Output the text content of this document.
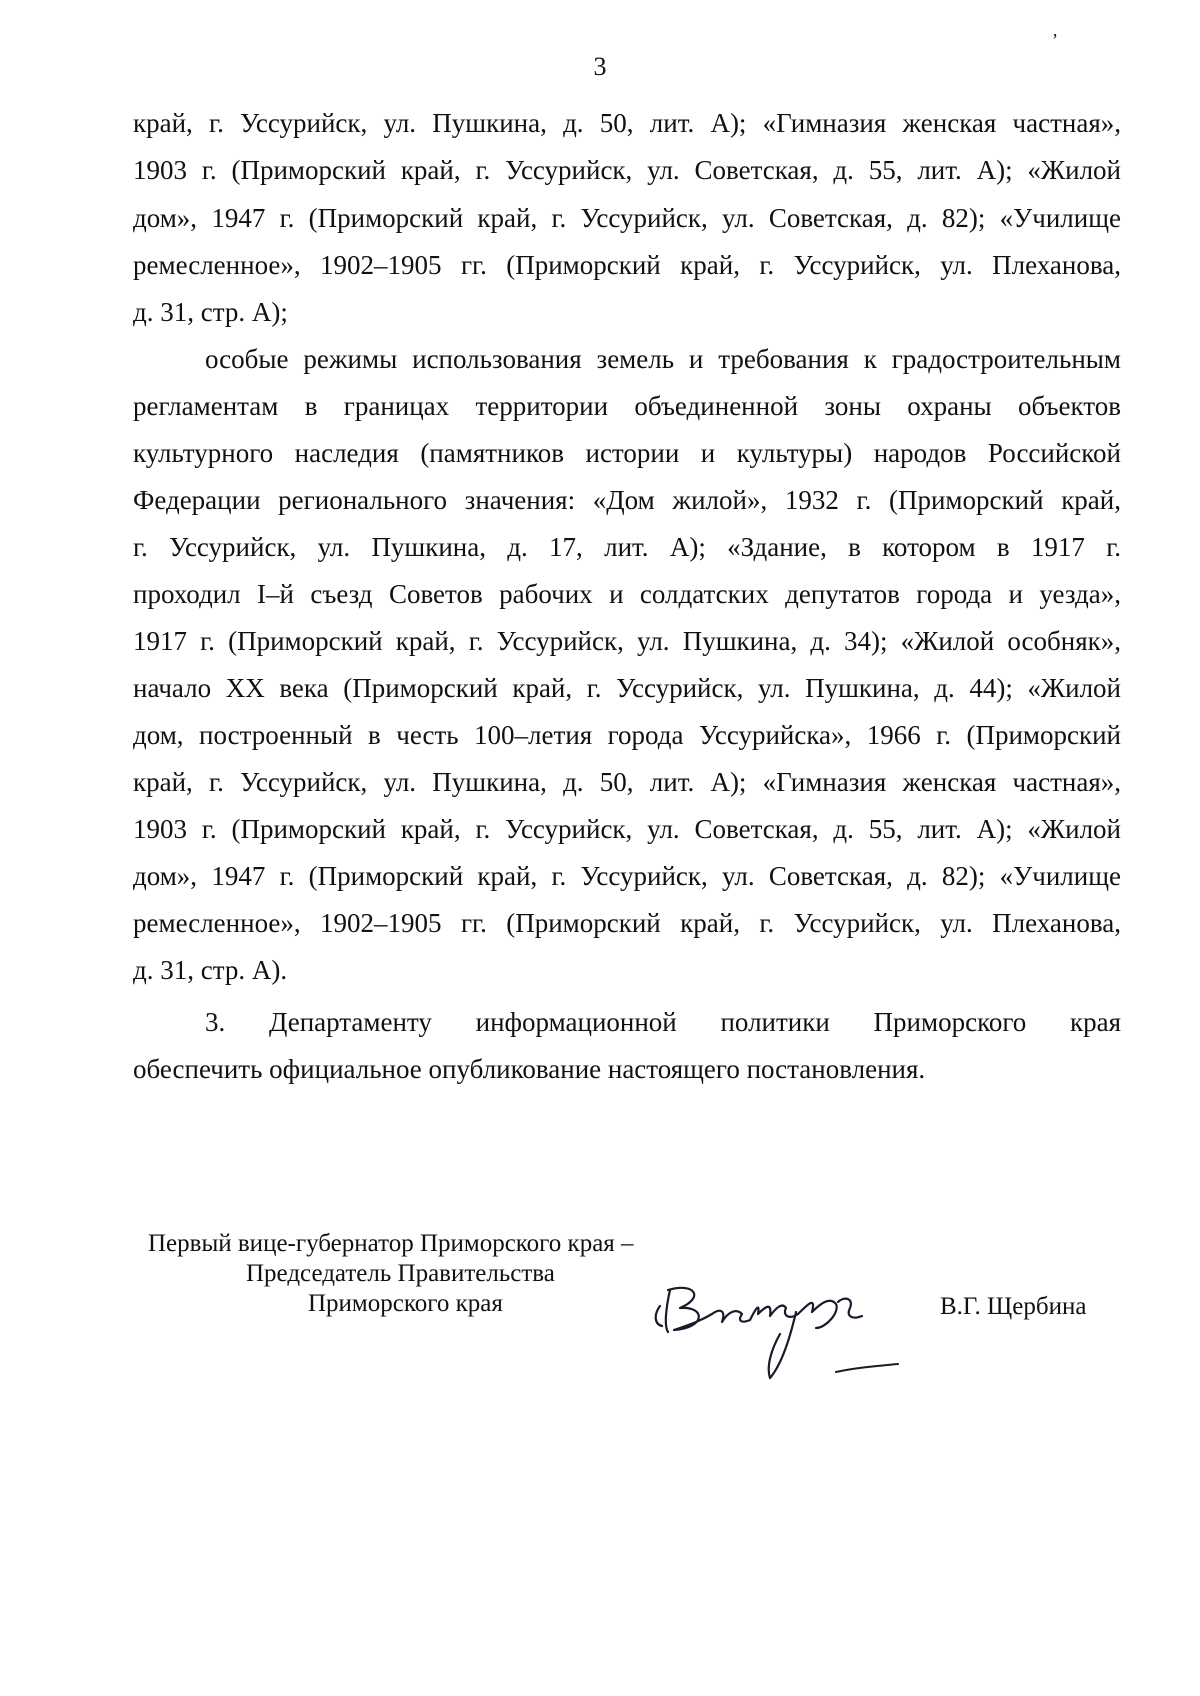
3
’
край, г. Уссурийск, ул. Пушкина, д. 50, лит. А); «Гимназия женская частная»,
1903 г. (Приморский край, г. Уссурийск, ул. Советская, д. 55, лит. А); «Жилой
дом», 1947 г. (Приморский край, г. Уссурийск, ул. Советская, д. 82); «Училище
ремесленное», 1902–1905 гг. (Приморский край, г. Уссурийск, ул. Плеханова,
д. 31, стр. А);
особые режимы использования земель и требования к градостроительным
регламентам в границах территории объединенной зоны охраны объектов
культурного наследия (памятников истории и культуры) народов Российской
Федерации регионального значения: «Дом жилой», 1932 г. (Приморский край,
г. Уссурийск, ул. Пушкина, д. 17, лит. А); «Здание, в котором в 1917 г.
проходил I–й съезд Советов рабочих и солдатских депутатов города и уезда»,
1917 г. (Приморский край, г. Уссурийск, ул. Пушкина, д. 34); «Жилой особняк»,
начало XX века (Приморский край, г. Уссурийск, ул. Пушкина, д. 44); «Жилой
дом, построенный в честь 100–летия города Уссурийска», 1966 г. (Приморский
край, г. Уссурийск, ул. Пушкина, д. 50, лит. А); «Гимназия женская частная»,
1903 г. (Приморский край, г. Уссурийск, ул. Советская, д. 55, лит. А); «Жилой
дом», 1947 г. (Приморский край, г. Уссурийск, ул. Советская, д. 82); «Училище
ремесленное», 1902–1905 гг. (Приморский край, г. Уссурийск, ул. Плеханова,
д. 31, стр. А).
3. Департаменту информационной политики Приморского края
обеспечить официальное опубликование настоящего постановления.
Первый вице-губернатор Приморского края –
Председатель Правительства
Приморского края	В.Г. Щербина
